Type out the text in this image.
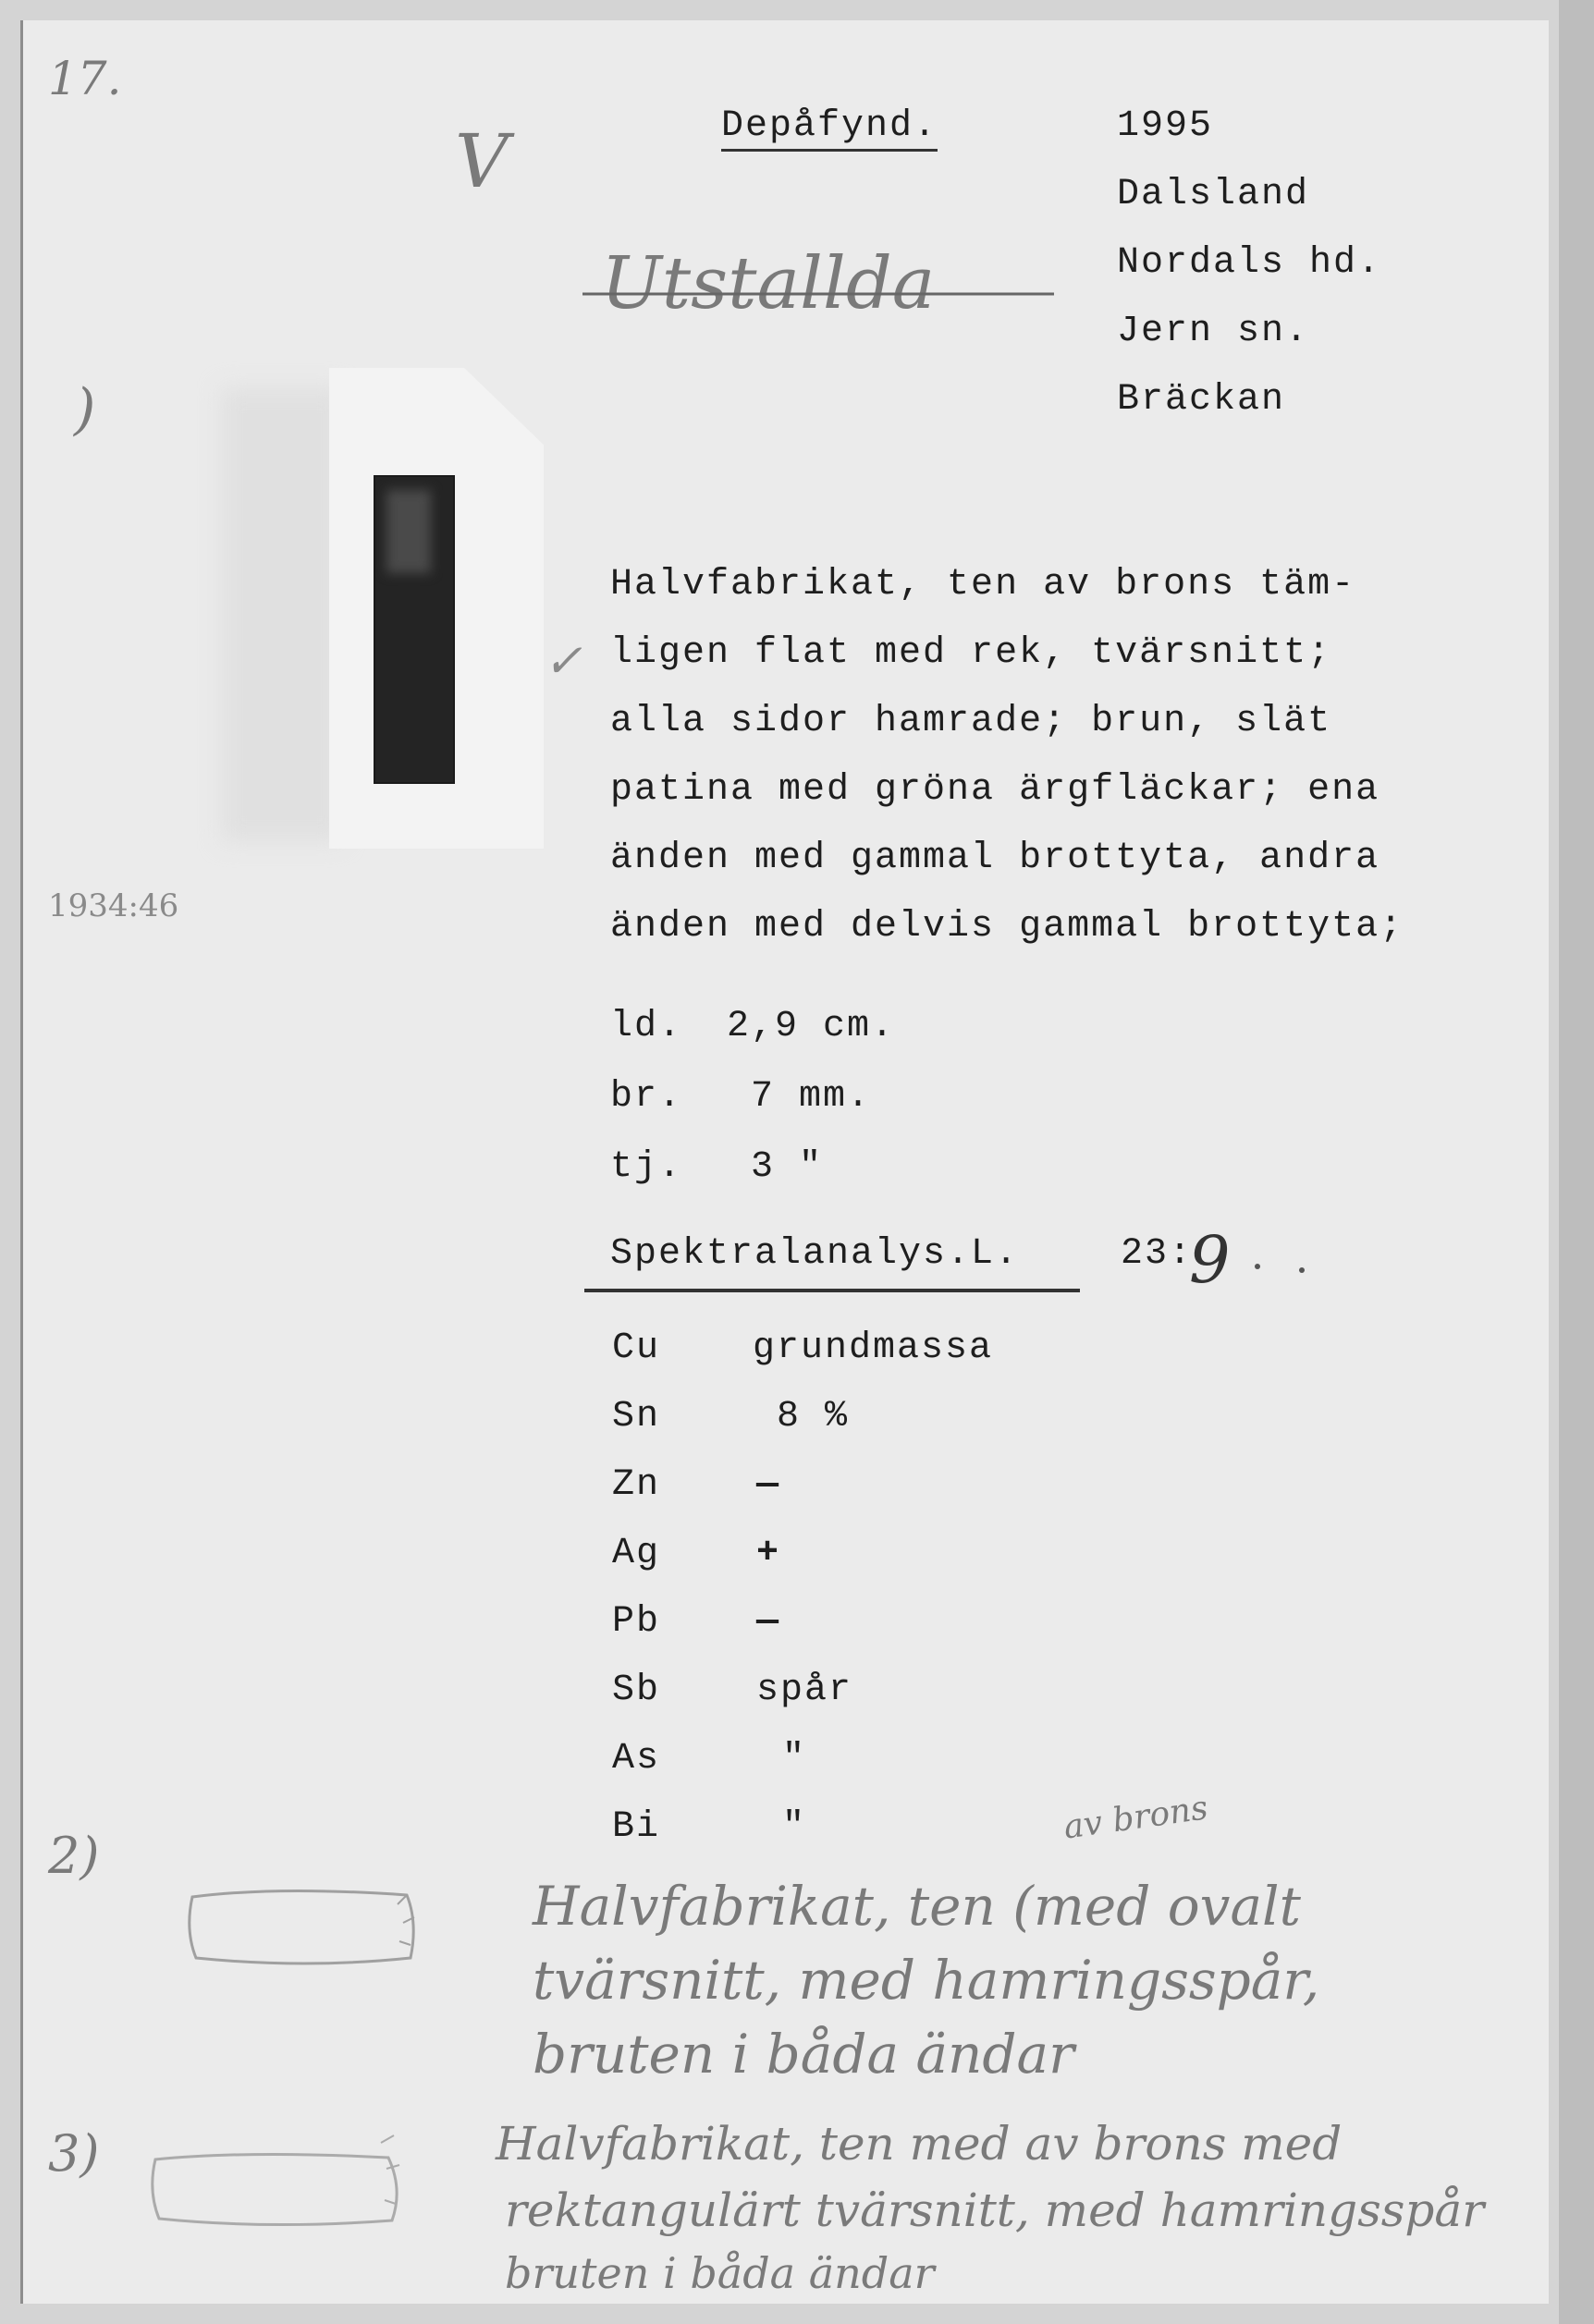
17.
V
)
1934:46
Utstallda
Depåfynd.	1995
Dalsland
Nordals hd.
Jern sn.
Bräckan
✓
Halvfabrikat, ten av brons täm-
ligen flat med rek, tvärsnitt;
alla sidor hamrade; brun, slät
patina med gröna ärgfläckar; ena
änden med gammal brottyta, andra
änden med delvis gammal brottyta;
ld. 2,9 cm.
br. 7 mm.
tj. 3 "
Spektralanalys.L.	23:
9
Cu grundmassa
Sn	8 %
Zn	—
Ag	+
Pb	—
Sb	spår
As	"
Bi	"
2)
av brons
Halvfabrikat, ten (med ovalt
tvärsnitt, med hamringsspår,
bruten i båda ändar
3)	Halvfabrikat, ten med av brons med
rektangulärt tvärsnitt, med hamringsspår
bruten i båda ändar
